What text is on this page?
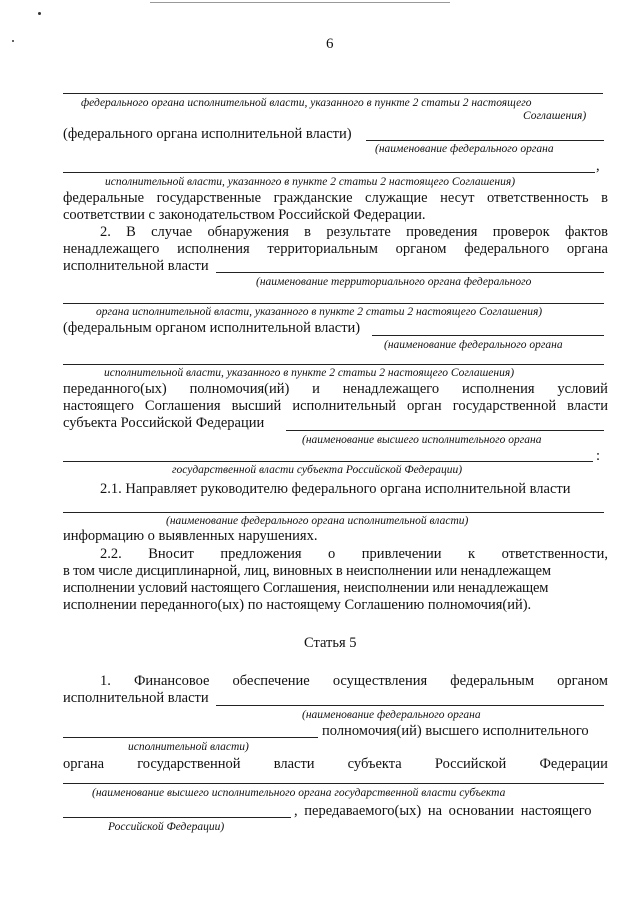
6
федерального органа исполнительной власти, указанного в пункте 2 статьи 2 настоящего
Соглашения)
(федерального органа исполнительной власти)
(наименование федерального органа
,
исполнительной власти, указанного в пункте 2 статьи 2 настоящего Соглашения)
федеральные государственные гражданские служащие несут ответственность в
соответствии с законодательством Российской Федерации.
2. В случае обнаружения в результате проведения проверок фактов
ненадлежащего исполнения территориальным органом федерального органа
исполнительной власти
(наименование территориального органа федерального
органа исполнительной власти, указанного в пункте 2 статьи 2 настоящего Соглашения)
(федеральным органом исполнительной власти)
(наименование федерального органа
исполнительной власти, указанного в пункте 2 статьи 2 настоящего Соглашения)
переданного(ых) полномочия(ий) и ненадлежащего исполнения условий
настоящего Соглашения высший исполнительный орган государственной власти
субъекта Российской Федерации
(наименование высшего исполнительного органа
:
государственной власти субъекта Российской Федерации)
2.1. Направляет руководителю федерального органа исполнительной власти
(наименование федерального органа исполнительной власти)
информацию о выявленных нарушениях.
2.2. Вносит предложения о привлечении к ответственности,
в том числе дисциплинарной, лиц, виновных в неисполнении или ненадлежащем
исполнении условий настоящего Соглашения, неисполнении или ненадлежащем
исполнении переданного(ых) по настоящему Соглашению полномочия(ий).
Статья 5
1. Финансовое обеспечение осуществления федеральным органом
исполнительной власти
(наименование федерального органа
полномочия(ий) высшего исполнительного
исполнительной власти)
органа государственной власти субъекта Российской Федерации
(наименование высшего исполнительного органа государственной власти субъекта
, передаваемого(ых) на основании настоящего
Российской Федерации)
